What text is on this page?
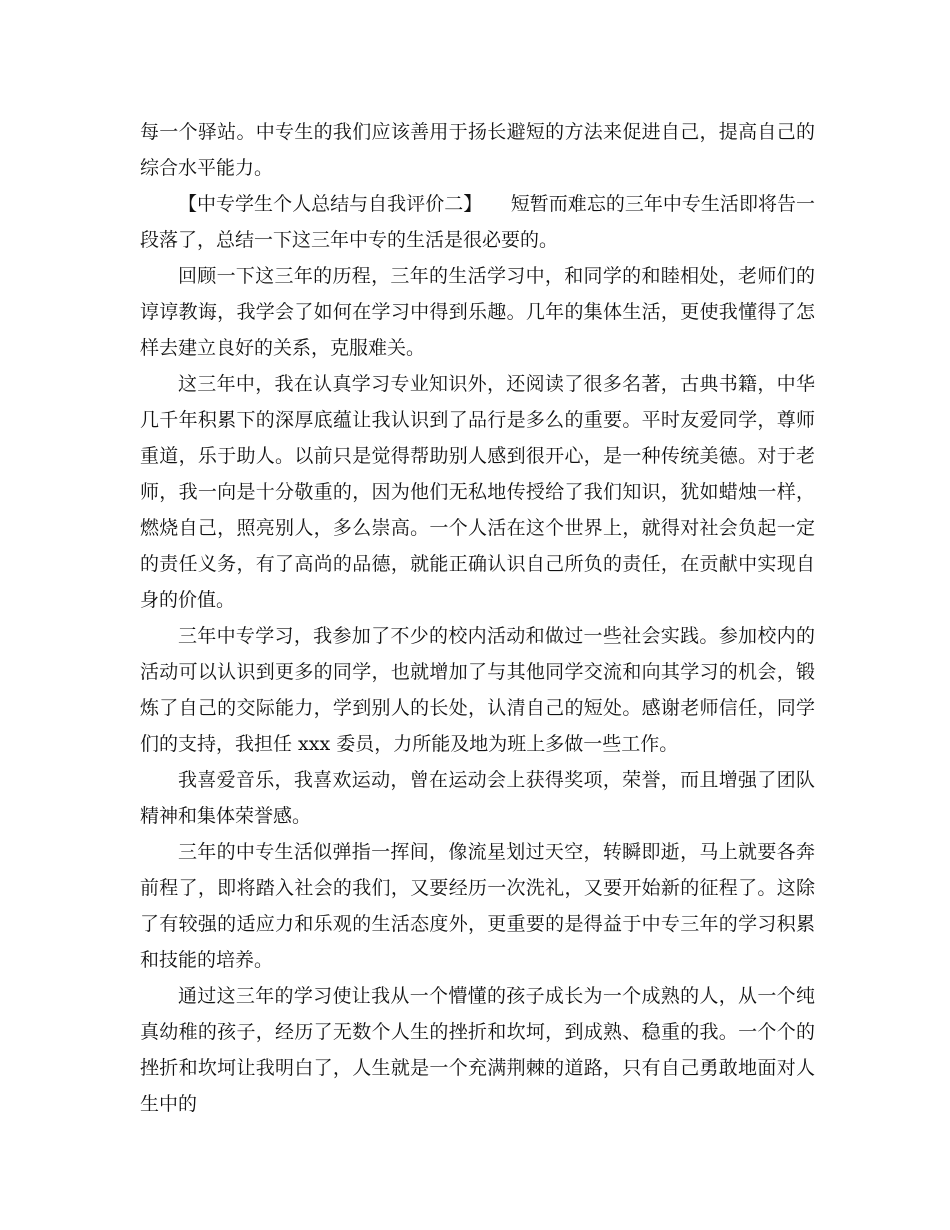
每一个驿站。中专生的我们应该善用于扬长避短的方法来促进自己，提高自己的综合水平能力。

【中专学生个人总结与自我评价二】　　短暂而难忘的三年中专生活即将告一段落了，总结一下这三年中专的生活是很必要的。

回顾一下这三年的历程，三年的生活学习中，和同学的和睦相处，老师们的谆谆教诲，我学会了如何在学习中得到乐趣。几年的集体生活，更使我懂得了怎样去建立良好的关系，克服难关。

这三年中，我在认真学习专业知识外，还阅读了很多名著，古典书籍，中华几千年积累下的深厚底蕴让我认识到了品行是多么的重要。平时友爱同学，尊师重道，乐于助人。以前只是觉得帮助别人感到很开心，是一种传统美德。对于老师，我一向是十分敬重的，因为他们无私地传授给了我们知识，犹如蜡烛一样，燃烧自己，照亮别人，多么崇高。一个人活在这个世界上，就得对社会负起一定的责任义务，有了高尚的品德，就能正确认识自己所负的责任，在贡献中实现自身的价值。

三年中专学习，我参加了不少的校内活动和做过一些社会实践。参加校内的活动可以认识到更多的同学，也就增加了与其他同学交流和向其学习的机会，锻炼了自己的交际能力，学到别人的长处，认清自己的短处。感谢老师信任，同学们的支持，我担任 xxx 委员，力所能及地为班上多做一些工作。

我喜爱音乐，我喜欢运动，曾在运动会上获得奖项，荣誉，而且增强了团队精神和集体荣誉感。

三年的中专生活似弹指一挥间，像流星划过天空，转瞬即逝，马上就要各奔前程了，即将踏入社会的我们，又要经历一次洗礼，又要开始新的征程了。这除了有较强的适应力和乐观的生活态度外，更重要的是得益于中专三年的学习积累和技能的培养。

通过这三年的学习使让我从一个懵懂的孩子成长为一个成熟的人，从一个纯真幼稚的孩子，经历了无数个人生的挫折和坎坷，到成熟、稳重的我。一个个的挫折和坎坷让我明白了，人生就是一个充满荆棘的道路，只有自己勇敢地面对人生中的
